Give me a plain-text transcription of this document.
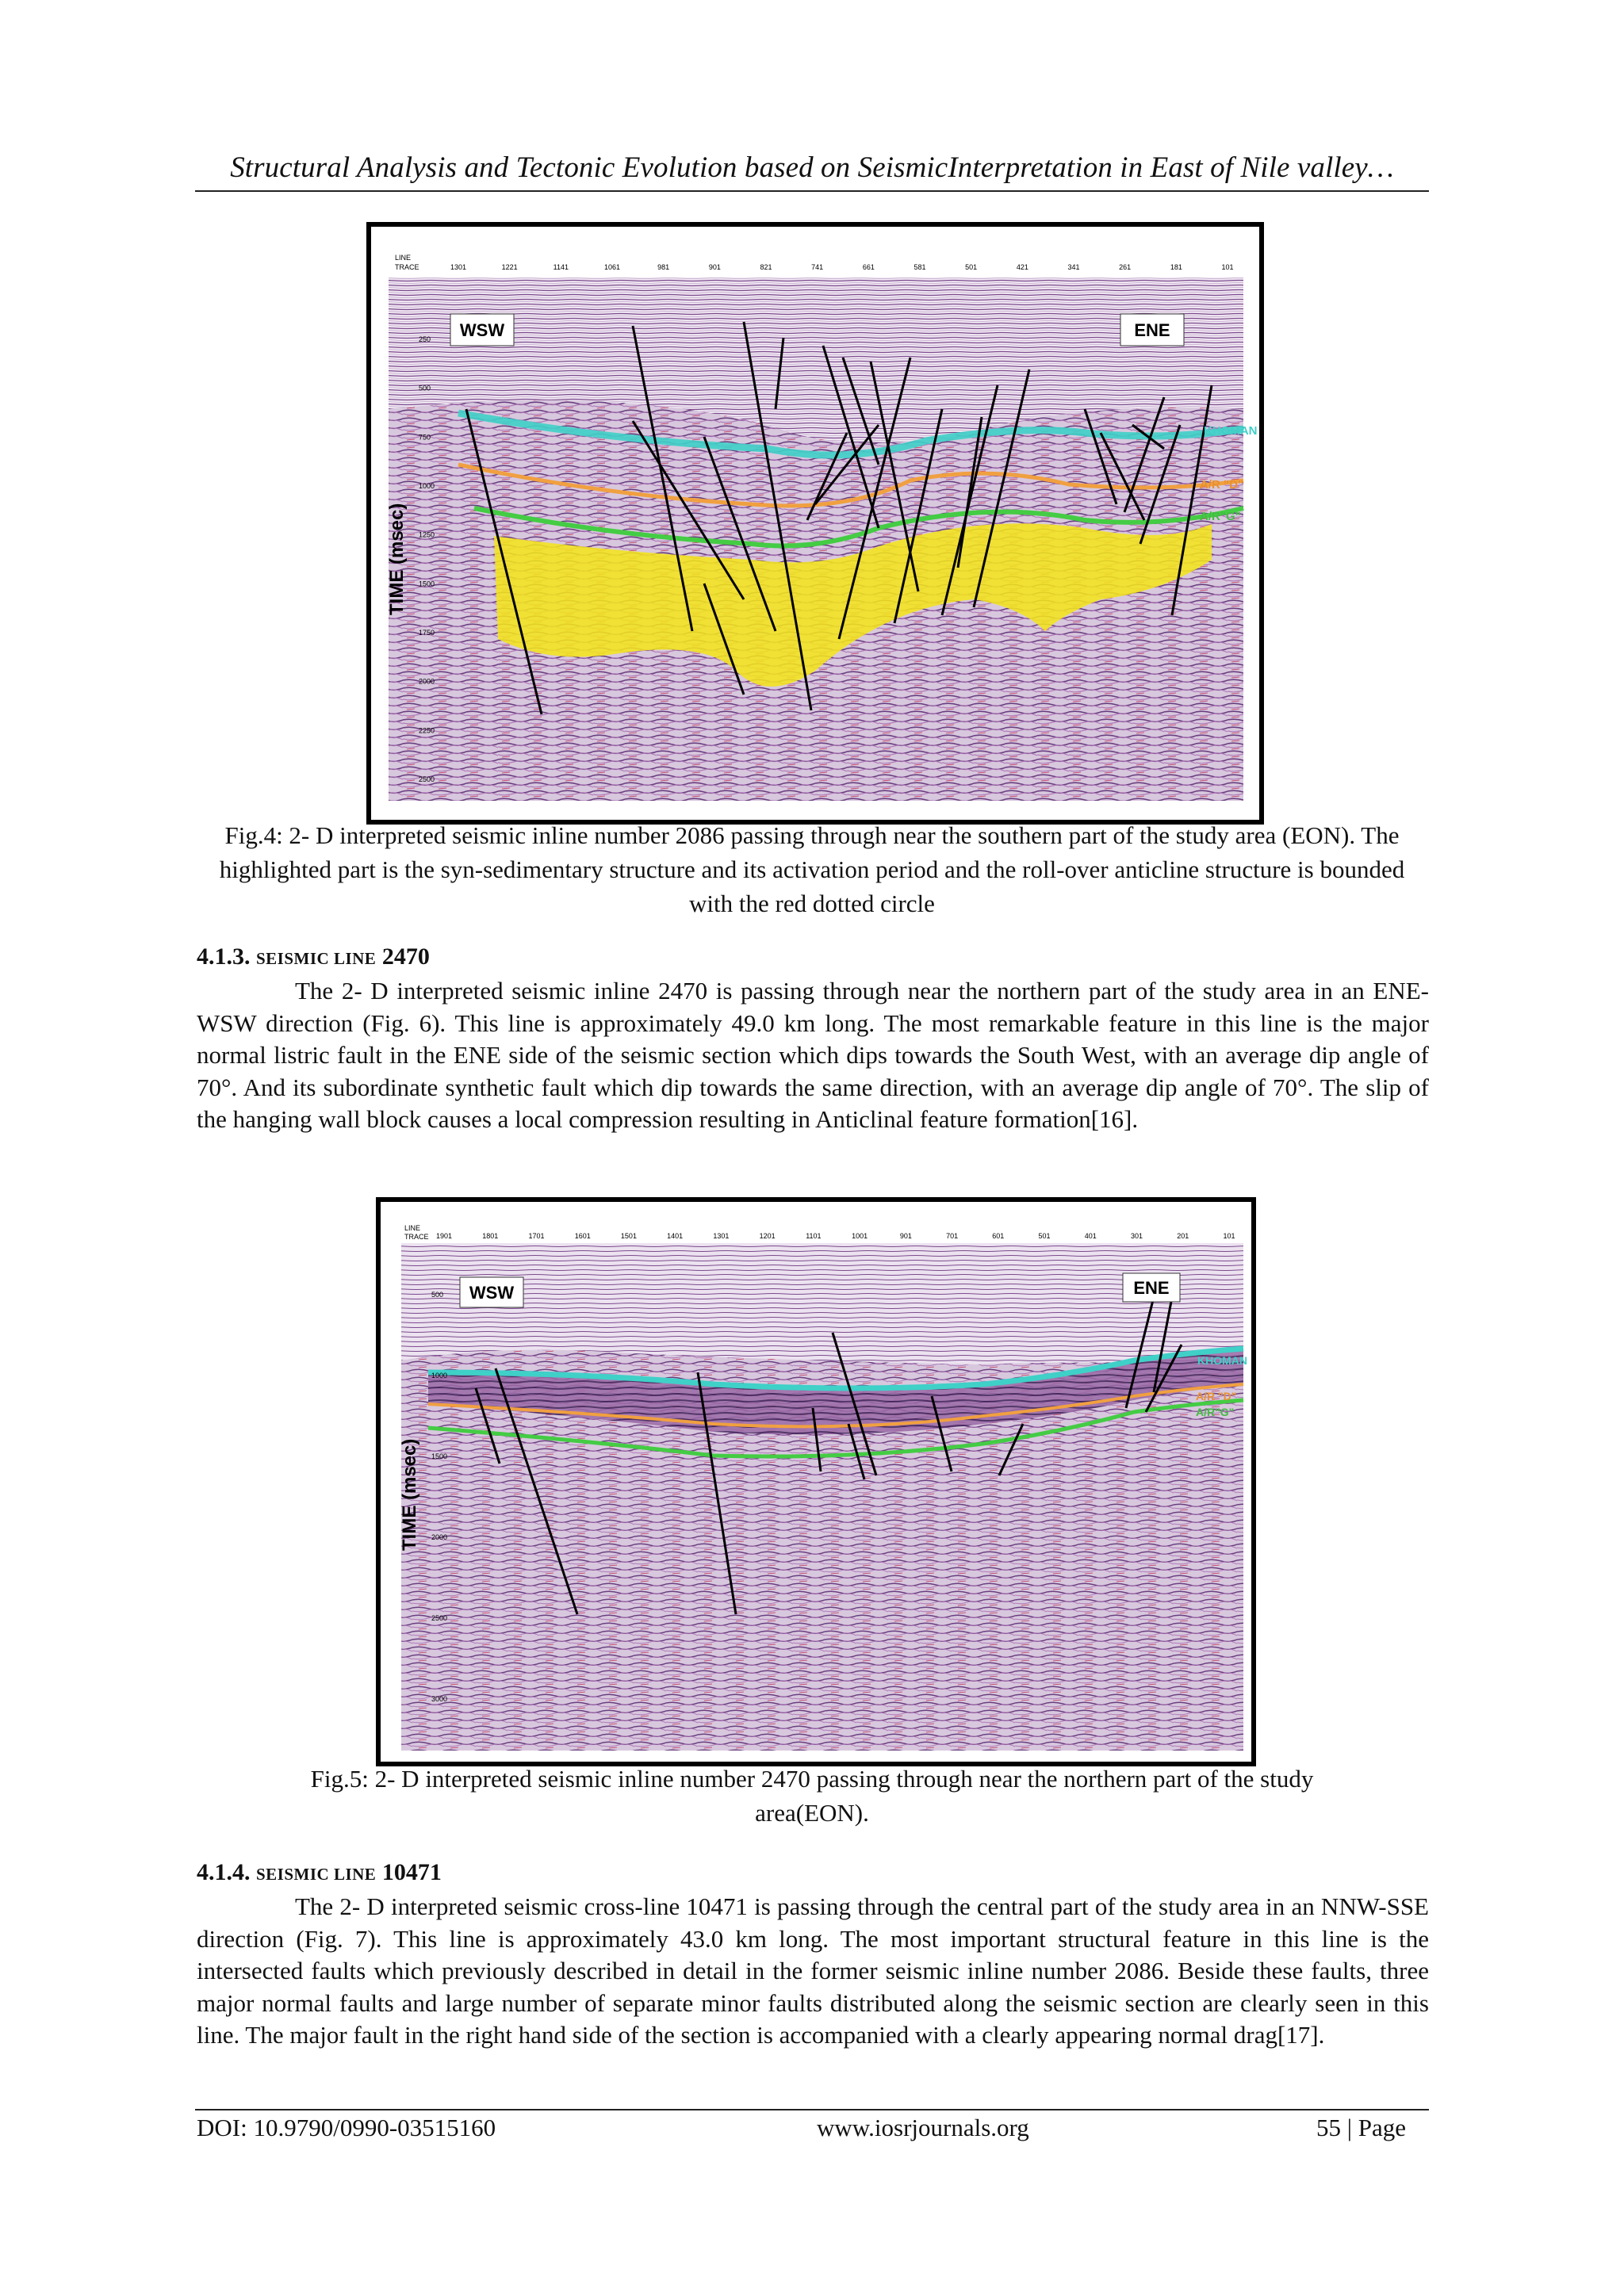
Structural Analysis and Tectonic Evolution based on SeismicInterpretation in East of Nile valley…
LINE
TRACE	1301	1221	1141	1061	981	901	821	741	661	581	501	421	341	261	181	101
WSW	ENE
KHOMAN
A/R "D"
A/R"G"
TIME (msec)
250
500
750
1000
1250
1500
1750
2000
2250
2500
Fig.4: 2- D interpreted seismic inline number 2086 passing through near the southern part of the study area (EON). The highlighted part is the syn-sedimentary structure and its activation period and the roll-over anticline structure is bounded with the red dotted circle
4.1.3. SEISMIC LINE 2470
The 2- D interpreted seismic inline 2470 is passing through near the northern part of the study area in an ENE-WSW direction (Fig. 6). This line is approximately 49.0 km long. The most remarkable feature in this line is the major normal listric fault in the ENE side of the seismic section which dips towards the South West, with an average dip angle of 70°. And its subordinate synthetic fault which dip towards the same direction, with an average dip angle of 70°. The slip of the hanging wall block causes a local compression resulting in Anticlinal feature formation[16].
LINE
TRACE 1901	1801	1701	1601	1501	1401	1301	1201	1101	1001	901	701	601	501	401	301	201	101
WSW	ENE
KHOMAN
A/R "D"
A/R"G"
TIME (msec)
500
1000
1500
2000
2500
3000
Fig.5: 2- D interpreted seismic inline number 2470 passing through near the northern part of the study
area(EON).
4.1.4. SEISMIC LINE 10471
The 2- D interpreted seismic cross-line 10471 is passing through the central part of the study area in an NNW-SSE direction (Fig. 7). This line is approximately 43.0 km long. The most important structural feature in this line is the intersected faults which previously described in detail in the former seismic inline number 2086. Beside these faults, three major normal faults and large number of separate minor faults distributed along the seismic section are clearly seen in this line. The major fault in the right hand side of the section is accompanied with a clearly appearing normal drag[17].
DOI: 10.9790/0990-03515160	www.iosrjournals.org	55 | Page
